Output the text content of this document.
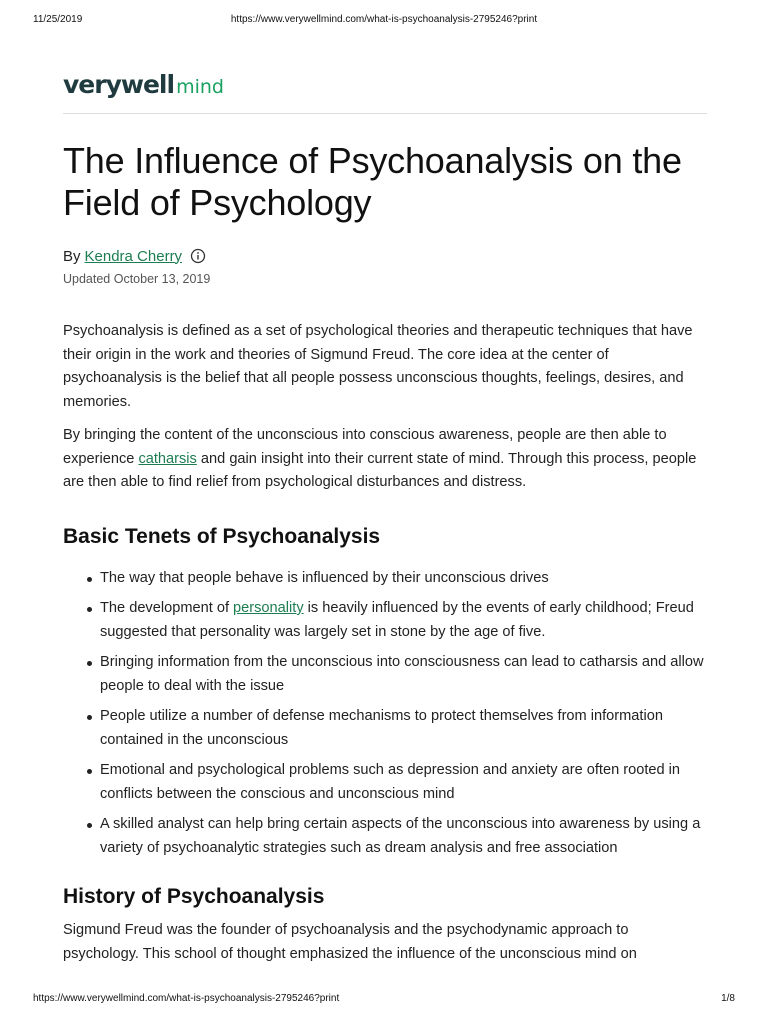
11/25/2019	https://www.verywellmind.com/what-is-psychoanalysis-2795246?print
verywell mind
The Influence of Psychoanalysis on the Field of Psychology
By Kendra Cherry
Updated October 13, 2019

Psychoanalysis is defined as a set of psychological theories and therapeutic techniques that have their origin in the work and theories of Sigmund Freud. The core idea at the center of psychoanalysis is the belief that all people possess unconscious thoughts, feelings, desires, and memories.

By bringing the content of the unconscious into conscious awareness, people are then able to experience catharsis and gain insight into their current state of mind. Through this process, people are then able to find relief from psychological disturbances and distress.

Basic Tenets of Psychoanalysis
The way that people behave is influenced by their unconscious drives
The development of personality is heavily influenced by the events of early childhood; Freud suggested that personality was largely set in stone by the age of five.
Bringing information from the unconscious into consciousness can lead to catharsis and allow people to deal with the issue
People utilize a number of defense mechanisms to protect themselves from information contained in the unconscious
Emotional and psychological problems such as depression and anxiety are often rooted in conflicts between the conscious and unconscious mind
A skilled analyst can help bring certain aspects of the unconscious into awareness by using a variety of psychoanalytic strategies such as dream analysis and free association
History of Psychoanalysis

Sigmund Freud was the founder of psychoanalysis and the psychodynamic approach to psychology. This school of thought emphasized the influence of the unconscious mind on

https://www.verywellmind.com/what-is-psychoanalysis-2795246?print	1/8
